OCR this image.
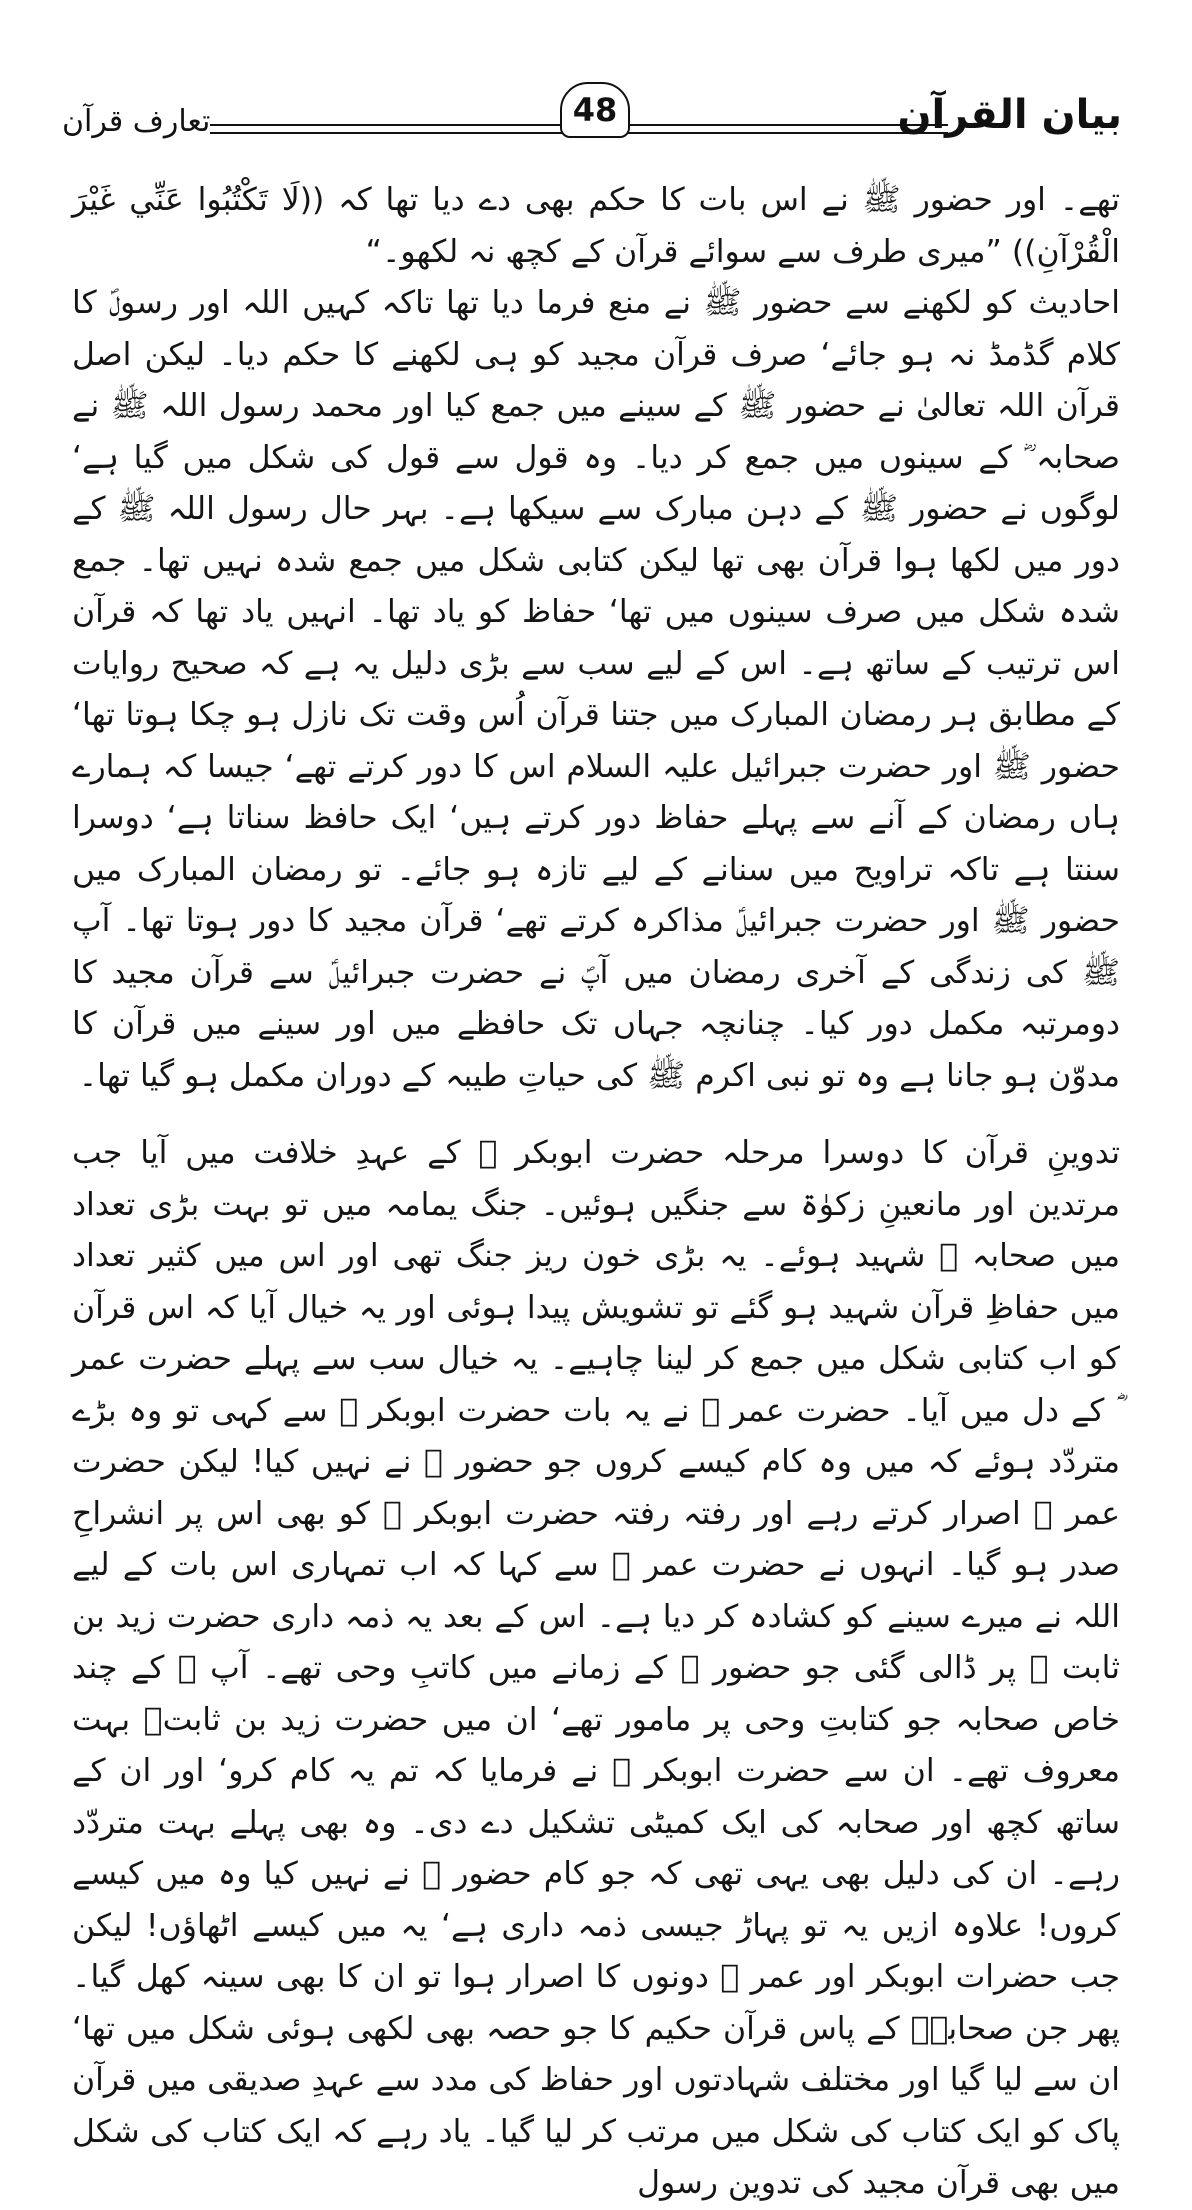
بیان القرآن
تعارف قرآن	48

تھے۔ اور حضور ﷺ نے اس بات کا حکم بھی دے دیا تھا کہ ((لَا تَكْتُبُوا عَنِّي غَيْرَ الْقُرْآنِ)) ”میری طرف سے سوائے قرآن کے کچھ نہ لکھو۔“

احادیث کو لکھنے سے حضور ﷺ نے منع فرما دیا تھا تاکہ کہیں اللہ اور رسولؐ کا کلام گڈمڈ نہ ہو جائے‘ صرف قرآن مجید کو ہی لکھنے کا حکم دیا۔ لیکن اصل قرآن اللہ تعالیٰ نے حضور ﷺ کے سینے میں جمع کیا اور محمد رسول اللہ ﷺ نے صحابہ ؓ کے سینوں میں جمع کر دیا۔ وہ قول سے قول کی شکل میں گیا ہے‘ لوگوں نے حضور ﷺ کے دہن مبارک سے سیکھا ہے۔ بہر حال رسول اللہ ﷺ کے دور میں لکھا ہوا قرآن بھی تھا لیکن کتابی شکل میں جمع شدہ نہیں تھا۔ جمع شدہ شکل میں صرف سینوں میں تھا‘ حفاظ کو یاد تھا۔ انہیں یاد تھا کہ قرآن اس ترتیب کے ساتھ ہے۔ اس کے لیے سب سے بڑی دلیل یہ ہے کہ صحیح روایات کے مطابق ہر رمضان المبارک میں جتنا قرآن اُس وقت تک نازل ہو چکا ہوتا تھا‘ حضور ﷺ اور حضرت جبرائیل علیہ السلام اس کا دور کرتے تھے‘ جیسا کہ ہمارے ہاں رمضان کے آنے سے پہلے حفاظ دور کرتے ہیں‘ ایک حافظ سناتا ہے‘ دوسرا سنتا ہے تاکہ تراویح میں سنانے کے لیے تازہ ہو جائے۔ تو رمضان المبارک میں حضور ﷺ اور حضرت جبرائیلؑ مذاکرہ کرتے تھے‘ قرآن مجید کا دور ہوتا تھا۔ آپ ﷺ کی زندگی کے آخری رمضان میں آپؐ نے حضرت جبرائیلؑ سے قرآن مجید کا دومرتبہ مکمل دور کیا۔ چنانچہ جہاں تک حافظے میں اور سینے میں قرآن کا مدوّن ہو جانا ہے وہ تو نبی اکرم ﷺ کی حیاتِ طیبہ کے دوران مکمل ہو گیا تھا۔

تدوینِ قرآن کا دوسرا مرحلہ حضرت ابوبکر ؓ کے عہدِ خلافت میں آیا جب مرتدین اور مانعینِ زکوٰۃ سے جنگیں ہوئیں۔ جنگ یمامہ میں تو بہت بڑی تعداد میں صحابہ ؓ شہید ہوئے۔ یہ بڑی خون ریز جنگ تھی اور اس میں کثیر تعداد میں حفاظِ قرآن شہید ہو گئے تو تشویش پیدا ہوئی اور یہ خیال آیا کہ اس قرآن کو اب کتابی شکل میں جمع کر لینا چاہیے۔ یہ خیال سب سے پہلے حضرت عمر ؓ کے دل میں آیا۔ حضرت عمر ؓ نے یہ بات حضرت ابوبکر ؓ سے کہی تو وہ بڑے متردّد ہوئے کہ میں وہ کام کیسے کروں جو حضور ﷺ نے نہیں کیا! لیکن حضرت عمر ؓ اصرار کرتے رہے اور رفتہ رفتہ حضرت ابوبکر ؓ کو بھی اس پر انشراحِ صدر ہو گیا۔ انہوں نے حضرت عمر ؓ سے کہا کہ اب تمہاری اس بات کے لیے اللہ نے میرے سینے کو کشادہ کر دیا ہے۔ اس کے بعد یہ ذمہ داری حضرت زید بن ثابت ؓ پر ڈالی گئی جو حضور ﷺ کے زمانے میں کاتبِ وحی تھے۔ آپ ﷺ کے چند خاص صحابہ جو کتابتِ وحی پر مامور تھے‘ ان میں حضرت زید بن ثابتؓ بہت معروف تھے۔ ان سے حضرت ابوبکر ؓ نے فرمایا کہ تم یہ کام کرو‘ اور ان کے ساتھ کچھ اور صحابہ کی ایک کمیٹی تشکیل دے دی۔ وہ بھی پہلے بہت متردّد رہے۔ ان کی دلیل بھی یہی تھی کہ جو کام حضور ﷺ نے نہیں کیا وہ میں کیسے کروں! علاوہ ازیں یہ تو پہاڑ جیسی ذمہ داری ہے‘ یہ میں کیسے اٹھاؤں! لیکن جب حضرات ابوبکر اور عمر ؓ دونوں کا اصرار ہوا تو ان کا بھی سینہ کھل گیا۔ پھر جن صحابہؓ کے پاس قرآن حکیم کا جو حصہ بھی لکھی ہوئی شکل میں تھا‘ ان سے لیا گیا اور مختلف شہادتوں اور حفاظ کی مدد سے عہدِ صدیقی میں قرآن پاک کو ایک کتاب کی شکل میں مرتب کر لیا گیا۔ یاد رہے کہ ایک کتاب کی شکل میں بھی قرآن مجید کی تدوین رسول
